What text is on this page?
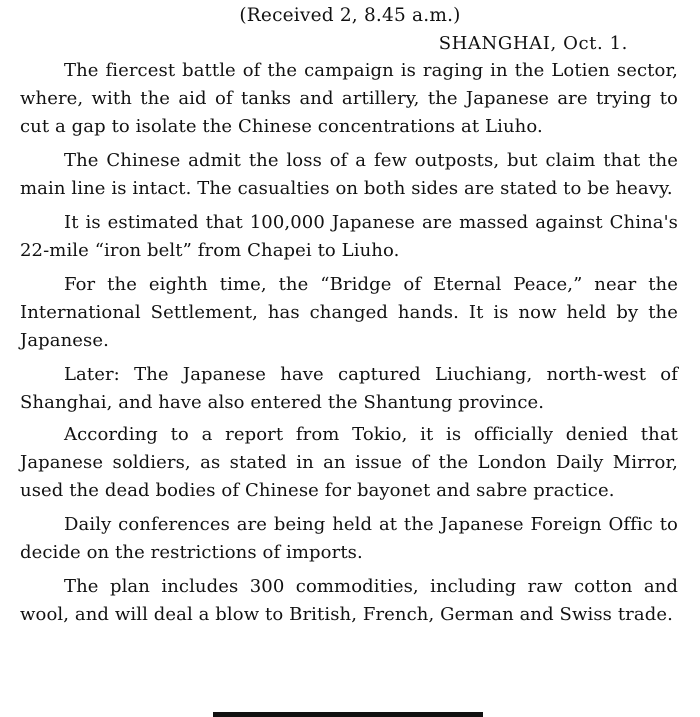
(Received 2, 8.45 a.m.)
SHANGHAI, Oct. 1.

The fiercest battle of the campaign is raging in the Lotien sector, where, with the aid of tanks and artillery, the Japanese are trying to cut a gap to isolate the Chinese concentrations at Liuho.

The Chinese admit the loss of a few outposts, but claim that the main line is intact. The casualties on both sides are stated to be heavy.

It is estimated that 100,000 Japanese are massed against China's 22-mile “iron belt” from Chapei to Liuho.

For the eighth time, the “Bridge of Eternal Peace,” near the International Settlement, has changed hands. It is now held by the Japanese.

Later: The Japanese have captured Liuchiang, north-west of Shanghai, and have also entered the Shantung province.

According to a report from Tokio, it is officially denied that Japanese soldiers, as stated in an issue of the London Daily Mirror, used the dead bodies of Chinese for bayonet and sabre practice.

Daily conferences are being held at the Japanese Foreign Offic to decide on the restrictions of imports.

The plan includes 300 commodities, including raw cotton and wool, and will deal a blow to British, French, German and Swiss trade.
